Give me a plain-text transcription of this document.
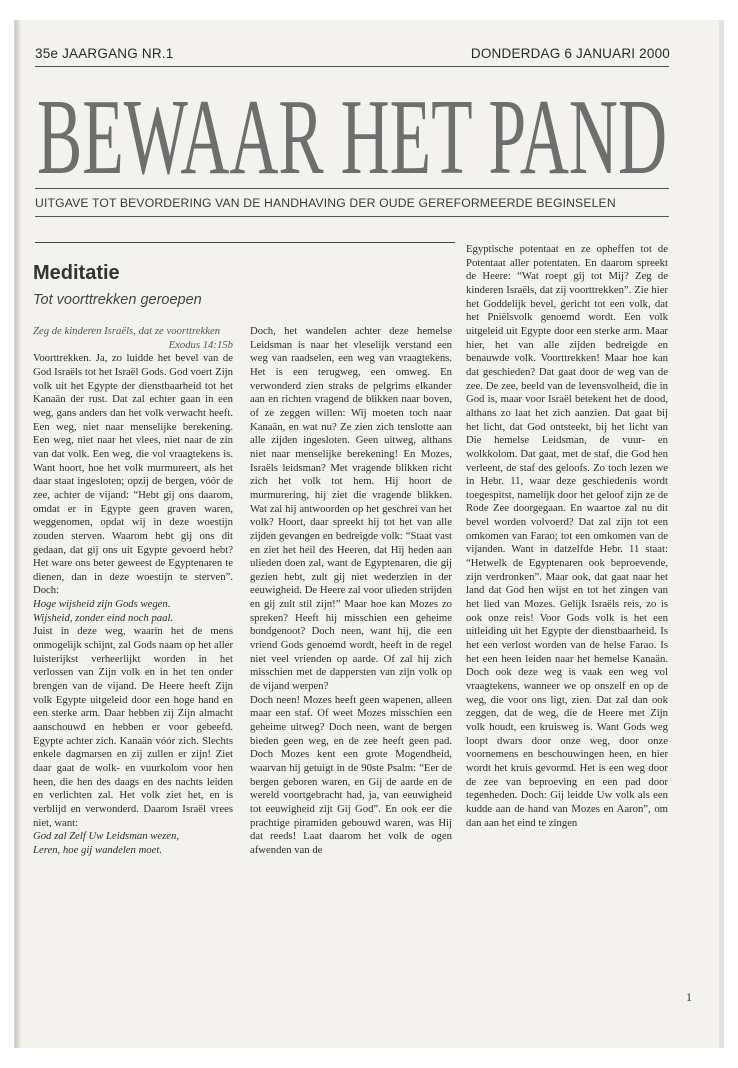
35e JAARGANG NR.1	DONDERDAG 6 JANUARI 2000
BEWAAR HET PAND
UITGAVE TOT BEVORDERING VAN DE HANDHAVING DER OUDE GEREFORMEERDE BEGINSELEN
Meditatie
Tot voorttrekken geroepen

Zeg de kinderen Israëls, dat ze voorttrekken

Exodus 14:15b

Voorttrekken. Ja, zo luidde het bevel van de God Israëls tot het Israël Gods. God voert Zijn volk uit het Egypte der dienstbaarheid tot het Kanaän der rust. Dat zal echter gaan in een weg, gans anders dan het volk verwacht heeft. Een weg, niet naar menselijke berekening. Een weg, niet naar het vlees, niet naar de zin van dat volk. Een weg, die vol vraagtekens is. Want hoort, hoe het volk murmureert, als het daar staat ingesloten; opzij de bergen, vóór de zee, achter de vijand: “Hebt gij ons daarom, omdat er in Egypte geen graven waren, weggenomen, opdat wij in deze woestijn zouden sterven. Waarom hebt gij ons dit gedaan, dat gij ons uit Egypte gevoerd hebt? Het ware ons beter geweest de Egyptenaren te dienen, dan in deze woestijn te sterven”. Doch:

Hoge wijsheid zijn Gods wegen.

Wijsheid, zonder eind noch paal.

Juist in deze weg, waarin het de mens onmogelijk schijnt, zal Gods naam op het aller luisterijkst verheerlijkt worden in het verlossen van Zijn volk en in het ten onder brengen van de vijand. De Heere heeft Zijn volk Egypte uitgeleid door een hoge hand en een sterke arm. Daar hebben zij Zijn almacht aanschouwd en hebben er voor gebeefd. Egypte achter zich. Kanaän vóór zich. Slechts enkele dagmarsen en zij zullen er zijn! Ziet daar gaat de wolk- en vuurkolom voor hen heen, die hen des daags en des nachts leiden en verlichten zal. Het volk ziet het, en is verblijd en verwonderd. Daarom Israël vrees niet, want:

God zal Zelf Uw Leidsman wezen,

Leren, hoe gij wandelen moet.

Doch, het wandelen achter deze hemelse Leidsman is naar het vleselijk verstand een weg van raadselen, een weg van vraagtekens. Het is een terugweg, een omweg. En verwonderd zien straks de pelgrims elkander aan en richten vragend de blikken naar boven, of ze zeggen willen: Wij moeten toch naar Kanaän, en wat nu? Ze zien zich tenslotte aan alle zijden ingesloten. Geen uitweg, althans niet naar menselijke berekening! En Mozes, Israëls leidsman? Met vragende blikken richt zich het volk tot hem. Hij hoort de murmurering, hij ziet die vragende blikken. Wat zal hij antwoorden op het geschrei van het volk? Hoort, daar spreekt hij tot het van alle zijden gevangen en bedreigde volk: “Staat vast en ziet het heil des Heeren, dat Hij heden aan ulieden doen zal, want de Egyptenaren, die gij gezien hebt, zult gij niet wederzien in der eeuwigheid. De Heere zal voor ulieden strijden en gij zult stil zijn!” Maar hoe kan Mozes zo spreken? Heeft hij misschien een geheime bondgenoot? Doch neen, want hij, die een vriend Gods genoemd wordt, heeft in de regel niet veel vrienden op aarde. Of zal hij zich misschien met de dappersten van zijn volk op de vijand werpen?

Doch neen! Mozes heeft geen wapenen, alleen maar een staf. Of weet Mozes misschien een geheime uitweg? Doch neen, want de bergen bieden geen weg, en de zee heeft geen pad. Doch Mozes kent een grote Mogendheid, waarvan hij getuigt in de 90ste Psalm: “Eer de bergen geboren waren, en Gij de aarde en de wereld voortgebracht had, ja, van eeuwigheid tot eeuwigheid zijt Gij God”. En ook eer die prachtige piramiden gebouwd waren, was Hij dat reeds! Laat daarom het volk de ogen afwenden van de

Egyptische potentaat en ze opheffen tot de Potentaat aller potentaten. En daarom spreekt de Heere: “Wat roept gij tot Mij? Zeg de kinderen Israëls, dat zij voorttrekken”. Zie hier het Goddelijk bevel, gericht tot een volk, dat het Pniëlsvolk genoemd wordt. Een volk uitgeleid uit Egypte door een sterke arm. Maar hier, het van alle zijden bedreigde en benauwde volk. Voorttrekken! Maar hoe kan dat geschieden? Dat gaat door de weg van de zee. De zee, beeld van de levensvolheid, die in God is, maar voor Israël betekent het de dood, althans zo laat het zich aanzien. Dat gaat bij het licht, dat God ontsteekt, bij het licht van Die hemelse Leidsman, de vuur- en wolkkolom. Dat gaat, met de staf, die God hen verleent, de staf des geloofs. Zo toch lezen we in Hebr. 11, waar deze geschiedenis wordt toegespitst, namelijk door het geloof zijn ze de Rode Zee doorgegaan. En waartoe zal nu dit bevel worden volvoerd? Dat zal zijn tot een omkomen van Farao; tot een omkomen van de vijanden. Want in datzelfde Hebr. 11 staat: “Hetwelk de Egyptenaren ook beproevende, zijn verdronken”. Maar ook, dat gaat naar het land dat God hen wijst en tot het zingen van het lied van Mozes. Gelijk Israëls reis, zo is ook onze reis! Voor Gods volk is het een uitleiding uit het Egypte der dienstbaarheid. Is het een verlost worden van de helse Farao. Is het een heen leiden naar het hemelse Kanaän. Doch ook deze weg is vaak een weg vol vraagtekens, wanneer we op onszelf en op de weg, die voor ons ligt, zien. Dat zal dan ook zeggen, dat de weg, die de Heere met Zijn volk houdt, een kruisweg is. Want Gods weg loopt dwars door onze weg, door onze voornemens en beschouwingen heen, en hier wordt het kruis gevormd. Het is een weg door de zee van beproeving en een pad door tegenheden. Doch: Gij leidde Uw volk als een kudde aan de hand van Mozes en Aaron”, om dan aan het eind te zingen

1
